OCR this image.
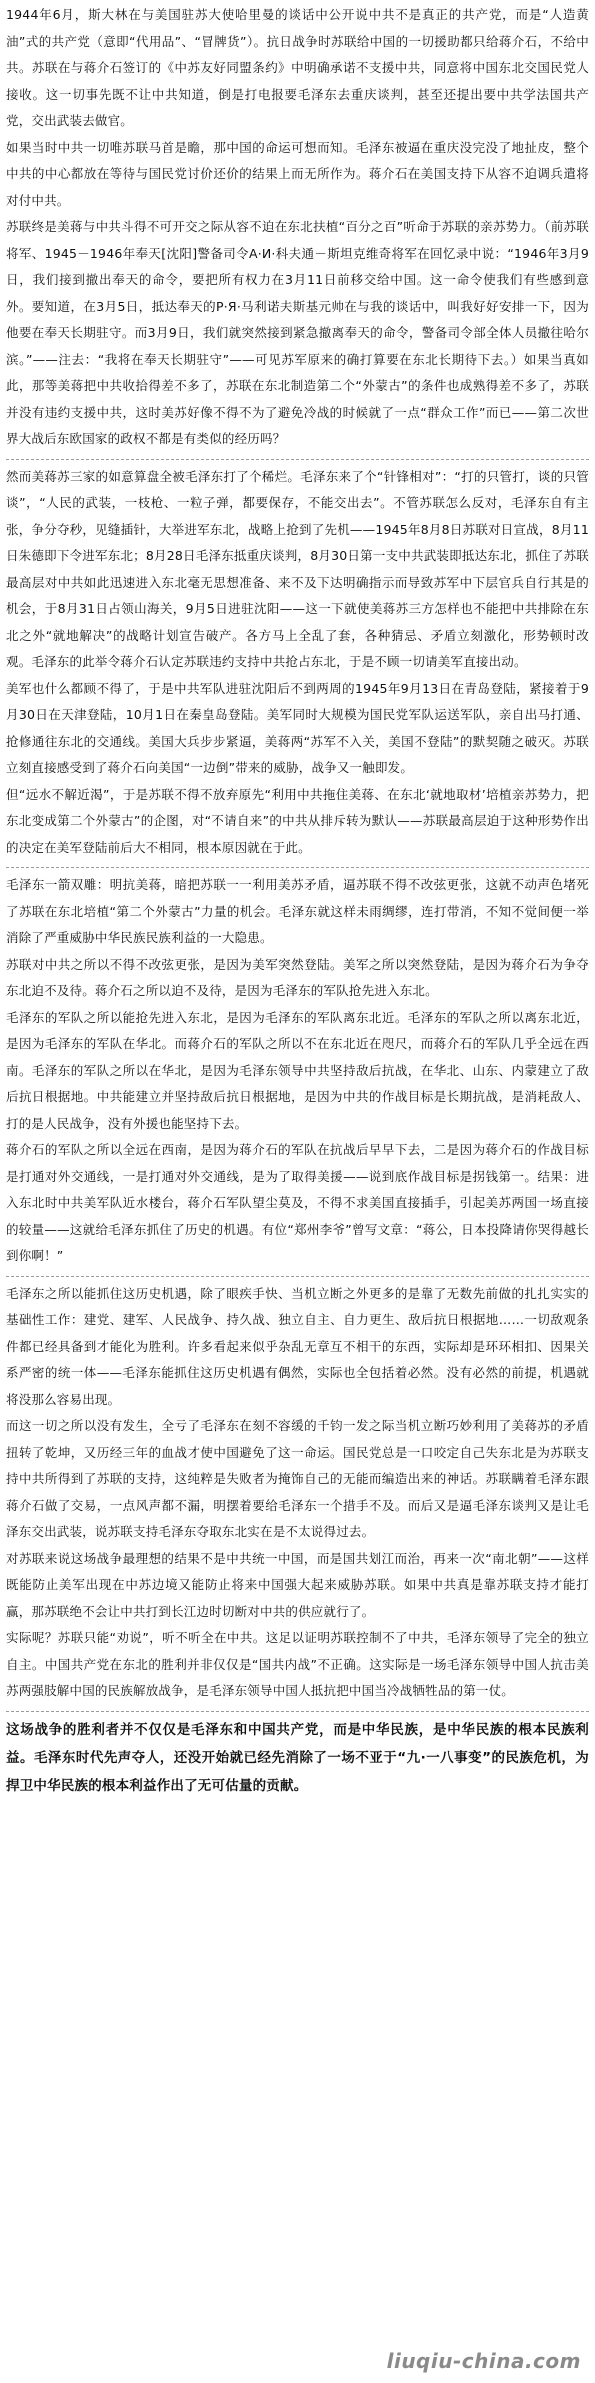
1944年6月，斯大林在与美国驻苏大使哈里曼的谈话中公开说中共不是真正的共产党，而是“人造黄油”式的共产党（意即“代用品”、“冒牌货”）。抗日战争时苏联给中国的一切援助都只给蒋介石，不给中共。苏联在与蒋介石签订的《中苏友好同盟条约》中明确承诺不支援中共，同意将中国东北交国民党人接收。这一切事先既不让中共知道，倒是打电报要毛泽东去重庆谈判，甚至还提出要中共学法国共产党，交出武装去做官。

如果当时中共一切唯苏联马首是瞻，那中国的命运可想而知。毛泽东被逼在重庆没完没了地扯皮，整个中共的中心都放在等待与国民党讨价还价的结果上而无所作为。蒋介石在美国支持下从容不迫调兵遣将对付中共。

苏联终是美蒋与中共斗得不可开交之际从容不迫在东北扶植“百分之百”听命于苏联的亲苏势力。（前苏联将军、1945－1946年奉天[沈阳]警备司令A·И·科夫通－斯坦克维奇将军在回忆录中说：“1946年3月9日，我们接到撤出奉天的命令，要把所有权力在3月11日前移交给中国。这一命令使我们有些感到意外。要知道，在3月5日，抵达奉天的P·Я·马利诺夫斯基元帅在与我的谈话中，叫我好好安排一下，因为他要在奉天长期驻守。而3月9日，我们就突然接到紧急撤离奉天的命令，警备司令部全体人员撤往哈尔滨。”——注去：“我将在奉天长期驻守”——可见苏军原来的确打算要在东北长期待下去。）如果当真如此，那等美蒋把中共收拾得差不多了，苏联在东北制造第二个“外蒙古”的条件也成熟得差不多了，苏联并没有违约支援中共，这时美苏好像不得不为了避免冷战的时候就了一点“群众工作”而已——第二次世界大战后东欧国家的政权不都是有类似的经历吗？

然而美蒋苏三家的如意算盘全被毛泽东打了个稀烂。毛泽东来了个“针锋相对”：“打的只管打，谈的只管谈”，“人民的武装，一枝枪、一粒子弹，都要保存，不能交出去”。不管苏联怎么反对，毛泽东自有主张，争分夺秒，见缝插针，大举进军东北，战略上抢到了先机——1945年8月8日苏联对日宣战，8月11日朱德即下令进军东北；8月28日毛泽东抵重庆谈判，8月30日第一支中共武装即抵达东北，抓住了苏联最高层对中共如此迅速进入东北毫无思想准备、来不及下达明确指示而导致苏军中下层官兵自行其是的机会，于8月31日占领山海关，9月5日进驻沈阳——这一下就使美蒋苏三方怎样也不能把中共排除在东北之外“就地解决”的战略计划宣告破产。各方马上全乱了套，各种猜忌、矛盾立刻激化，形势顿时改观。毛泽东的此举令蒋介石认定苏联违约支持中共抢占东北，于是不顾一切请美军直接出动。

美军也什么都顾不得了，于是中共军队进驻沈阳后不到两周的1945年9月13日在青岛登陆，紧接着于9月30日在天津登陆，10月1日在秦皇岛登陆。美军同时大规模为国民党军队运送军队，亲自出马打通、抢修通往东北的交通线。美国大兵步步紧逼，美蒋两“苏军不入关，美国不登陆”的默契随之破灭。苏联立刻直接感受到了蒋介石向美国“一边倒”带来的威胁，战争又一触即发。

但“远水不解近渴”，于是苏联不得不放弃原先“利用中共拖住美蒋、在东北‘就地取材’培植亲苏势力，把东北变成第二个外蒙古”的企图，对“不请自来”的中共从排斥转为默认——苏联最高层迫于这种形势作出的决定在美军登陆前后大不相同，根本原因就在于此。

毛泽东一箭双雕：明抗美蒋，暗把苏联一一利用美苏矛盾，逼苏联不得不改弦更张，这就不动声色堵死了苏联在东北培植“第二个外蒙古”力量的机会。毛泽东就这样未雨绸缪，连打带消，不知不觉间便一举消除了严重威胁中华民族民族利益的一大隐患。

苏联对中共之所以不得不改弦更张，是因为美军突然登陆。美军之所以突然登陆，是因为蒋介石为争夺东北迫不及待。蒋介石之所以迫不及待，是因为毛泽东的军队抢先进入东北。

毛泽东的军队之所以能抢先进入东北，是因为毛泽东的军队离东北近。毛泽东的军队之所以离东北近，是因为毛泽东的军队在华北。而蒋介石的军队之所以不在东北近在咫尺，而蒋介石的军队几乎全远在西南。毛泽东的军队之所以在华北，是因为毛泽东领导中共坚持敌后抗战，在华北、山东、内蒙建立了敌后抗日根据地。中共能建立并坚持敌后抗日根据地，是因为中共的作战目标是长期抗战，是消耗敌人、打的是人民战争，没有外援也能坚持下去。

蒋介石的军队之所以全远在西南，是因为蒋介石的军队在抗战后早早下去，二是因为蒋介石的作战目标是打通对外交通线，一是打通对外交通线，是为了取得美援——说到底作战目标是拐钱第一。结果：进入东北时中共美军队近水楼台，蒋介石军队望尘莫及，不得不求美国直接插手，引起美苏两国一场直接的较量——这就给毛泽东抓住了历史的机遇。有位“郑州李爷”曾写文章：“蒋公，日本投降请你哭得越长到你啊！”

毛泽东之所以能抓住这历史机遇，除了眼疾手快、当机立断之外更多的是靠了无数先前做的扎扎实实的基础性工作：建党、建军、人民战争、持久战、独立自主、自力更生、敌后抗日根据地……一切敌观条件都已经具备到才能化为胜利。许多看起来似乎杂乱无章互不相干的东西，实际却是环环相扣、因果关系严密的统一体——毛泽东能抓住这历史机遇有偶然，实际也全包括着必然。没有必然的前提，机遇就将没那么容易出现。

而这一切之所以没有发生，全亏了毛泽东在刻不容缓的千钧一发之际当机立断巧妙利用了美蒋苏的矛盾扭转了乾坤，又历经三年的血战才使中国避免了这一命运。国民党总是一口咬定自己失东北是为苏联支持中共所得到了苏联的支持，这纯粹是失败者为掩饰自己的无能而编造出来的神话。苏联瞒着毛泽东跟蒋介石做了交易，一点风声都不漏，明摆着要给毛泽东一个措手不及。而后又是逼毛泽东谈判又是让毛泽东交出武装，说苏联支持毛泽东夺取东北实在是不太说得过去。

对苏联来说这场战争最理想的结果不是中共统一中国，而是国共划江而治，再来一次“南北朝”——这样既能防止美军出现在中苏边境又能防止将来中国强大起来威胁苏联。如果中共真是靠苏联支持才能打赢，那苏联绝不会让中共打到长江边时切断对中共的供应就行了。

实际呢？苏联只能“劝说”，听不听全在中共。这足以证明苏联控制不了中共，毛泽东领导了完全的独立自主。中国共产党在东北的胜利并非仅仅是“国共内战”不正确。这实际是一场毛泽东领导中国人抗击美苏两强肢解中国的民族解放战争，是毛泽东领导中国人抵抗把中国当冷战牺牲品的第一仗。

这场战争的胜利者并不仅仅是毛泽东和中国共产党，而是中华民族，是中华民族的根本民族利益。毛泽东时代先声夺人，还没开始就已经先消除了一场不亚于“九·一八事变”的民族危机，为捍卫中华民族的根本利益作出了无可估量的贡献。

liuqiu-china.com
